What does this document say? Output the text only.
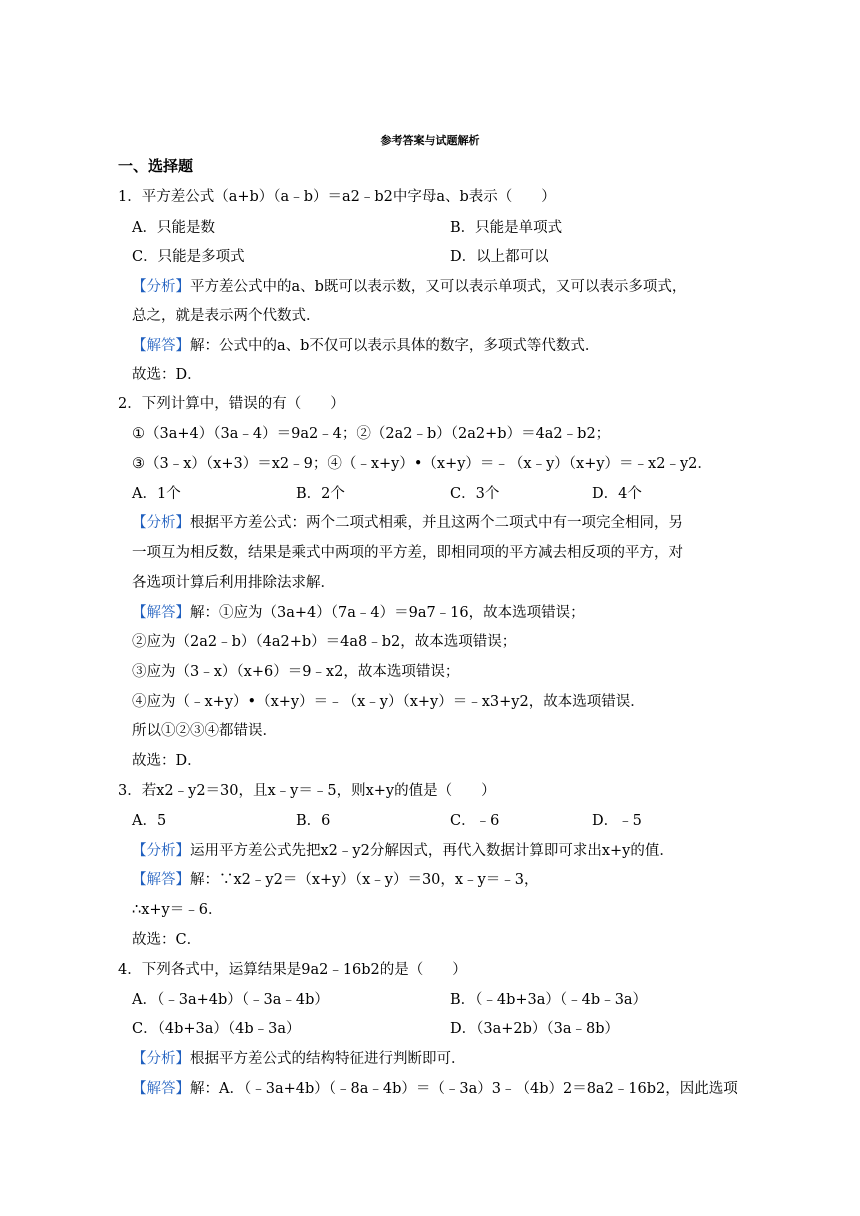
参考答案与试题解析
一、选择题
1．平方差公式（a+b）（a﹣b）＝a2﹣b2中字母a、b表示（　　）
A．只能是数	B．只能是单项式
C．只能是多项式	D．以上都可以
【分析】平方差公式中的a、b既可以表示数，又可以表示单项式，又可以表示多项式，
总之，就是表示两个代数式．
【解答】解：公式中的a、b不仅可以表示具体的数字，多项式等代数式．
故选：D．
2．下列计算中，错误的有（　　）
①（3a+4）（3a﹣4）＝9a2﹣4；②（2a2﹣b）（2a2+b）＝4a2﹣b2；
③（3﹣x）（x+3）＝x2﹣9；④（﹣x+y）•（x+y）＝﹣（x﹣y）（x+y）＝﹣x2﹣y2．
A．1个	B．2个	C．3个	D．4个
【分析】根据平方差公式：两个二项式相乘，并且这两个二项式中有一项完全相同，另
一项互为相反数，结果是乘式中两项的平方差，即相同项的平方减去相反项的平方，对
各选项计算后利用排除法求解．
【解答】解：①应为（3a+4）（7a﹣4）＝9a7﹣16，故本选项错误；
②应为（2a2﹣b）（4a2+b）＝4a8﹣b2，故本选项错误；
③应为（3﹣x）（x+6）＝9﹣x2，故本选项错误；
④应为（﹣x+y）•（x+y）＝﹣（x﹣y）（x+y）＝﹣x3+y2，故本选项错误．
所以①②③④都错误．
故选：D．
3．若x2﹣y2＝30，且x﹣y＝﹣5，则x+y的值是（　　）
A．5	B．6	C．﹣6	D．﹣5
【分析】运用平方差公式先把x2﹣y2分解因式，再代入数据计算即可求出x+y的值．
【解答】解：∵x2﹣y2＝（x+y）（x﹣y）＝30，x﹣y＝﹣3，
∴x+y＝﹣6．
故选：C．
4．下列各式中，运算结果是9a2﹣16b2的是（　　）
A．（﹣3a+4b）（﹣3a﹣4b）	B．（﹣4b+3a）（﹣4b﹣3a）
C．（4b+3a）（4b﹣3a）	D．（3a+2b）（3a﹣8b）
【分析】根据平方差公式的结构特征进行判断即可．
【解答】解：A．（﹣3a+4b）（﹣8a﹣4b）＝（﹣3a）3﹣（4b）2＝8a2﹣16b2，因此选项
